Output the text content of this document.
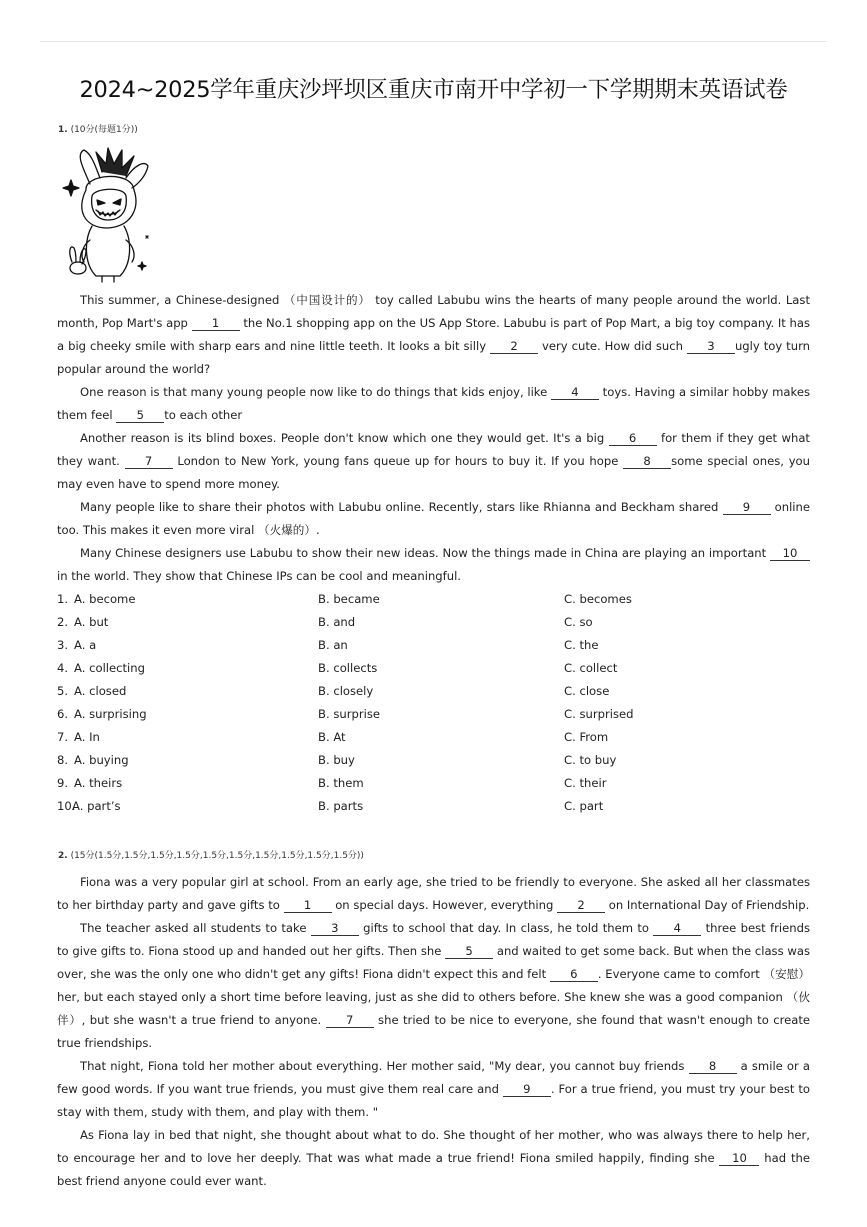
2024~2025学年重庆沙坪坝区重庆市南开中学初一下学期期末英语试卷
1. (10分(每题1分))

This summer, a Chinese-designed （中国设计的） toy called Labubu wins the hearts of many people around the world. Last month, Pop Mart's app 1 the No.1 shopping app on the US App Store. Labubu is part of Pop Mart, a big toy company. It has a big cheeky smile with sharp ears and nine little teeth. It looks a bit silly 2 very cute. How did such 3 ugly toy turn popular around the world?

One reason is that many young people now like to do things that kids enjoy, like 4 toys. Having a similar hobby makes them feel 5 to each other

Another reason is its blind boxes. People don't know which one they would get. It's a big 6 for them if they get what they want. 7 London to New York, young fans queue up for hours to buy it. If you hope 8 some special ones, you may even have to spend more money.

Many people like to share their photos with Labubu online. Recently, stars like Rhianna and Beckham shared 9 online too. This makes it even more viral （火爆的）.

Many Chinese designers use Labubu to show their new ideas. Now the things made in China are playing an important 10 in the world. They show that Chinese IPs can be cool and meaningful.

1. A. become	B. became	C. becomes
2. A. but	B. and	C. so
3. A. a	B. an	C. the
4. A. collecting	B. collects	C. collect
5. A. closed	B. closely	C. close
6. A. surprising	B. surprise	C. surprised
7. A. In	B. At	C. From
8. A. buying	B. buy	C. to buy
9. A. theirs	B. them	C. their
10.A. part’s	B. parts	C. part
2. (15分(1.5分,1.5分,1.5分,1.5分,1.5分,1.5分,1.5分,1.5分,1.5分,1.5分))

Fiona was a very popular girl at school. From an early age, she tried to be friendly to everyone. She asked all her classmates to her birthday party and gave gifts to 1 on special days. However, everything 2 on International Day of Friendship.

The teacher asked all students to take 3 gifts to school that day. In class, he told them to 4 three best friends to give gifts to. Fiona stood up and handed out her gifts. Then she 5 and waited to get some back. But when the class was over, she was the only one who didn't get any gifts! Fiona didn't expect this and felt 6 . Everyone came to comfort （安慰） her, but each stayed only a short time before leaving, just as she did to others before. She knew she was a good companion （伙伴）, but she wasn't a true friend to anyone. 7 she tried to be nice to everyone, she found that wasn't enough to create true friendships.

That night, Fiona told her mother about everything. Her mother said, "My dear, you cannot buy friends 8 a smile or a few good words. If you want true friends, you must give them real care and 9 . For a true friend, you must try your best to stay with them, study with them, and play with them. "

As Fiona lay in bed that night, she thought about what to do. She thought of her mother, who was always there to help her, to encourage her and to love her deeply. That was what made a true friend! Fiona smiled happily, finding she 10 had the best friend anyone could ever want.
